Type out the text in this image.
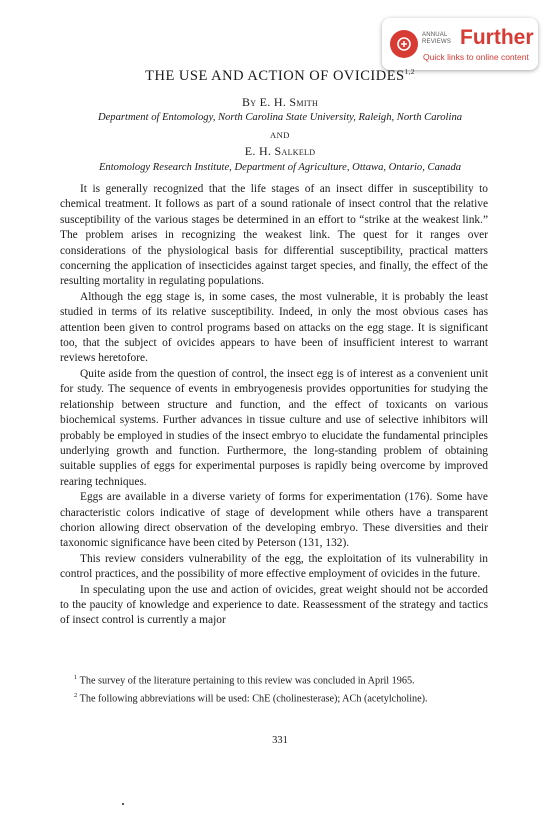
ANNUAL
REVIEWS Further
Quick links to online content
THE USE AND ACTION OF OVICIDES$^{1,2}$
By E. H. Smith
Department of Entomology, North Carolina State University, Raleigh, North Carolina
AND
E. H. Salkeld
Entomology Research Institute, Department of Agriculture, Ottawa, Ontario, Canada

It is generally recognized that the life stages of an insect differ in susceptibility to chemical treatment. It follows as part of a sound rationale of insect control that the relative susceptibility of the various stages be determined in an effort to “strike at the weakest link.” The problem arises in recognizing the weakest link. The quest for it ranges over considerations of the physiological basis for differential susceptibility, practical matters concerning the application of insecticides against target species, and finally, the effect of the resulting mortality in regulating populations.

Although the egg stage is, in some cases, the most vulnerable, it is probably the least studied in terms of its relative susceptibility. Indeed, in only the most obvious cases has attention been given to control programs based on attacks on the egg stage. It is significant too, that the subject of ovicides appears to have been of insufficient interest to warrant reviews heretofore.

Quite aside from the question of control, the insect egg is of interest as a convenient unit for study. The sequence of events in embryogenesis provides opportunities for studying the relationship between structure and function, and the effect of toxicants on various biochemical systems. Further advances in tissue culture and use of selective inhibitors will probably be employed in studies of the insect embryo to elucidate the fundamental principles underlying growth and function. Furthermore, the long-standing problem of obtaining suitable supplies of eggs for experimental purposes is rapidly being overcome by improved rearing techniques.

Eggs are available in a diverse variety of forms for experimentation (176). Some have characteristic colors indicative of stage of development while others have a transparent chorion allowing direct observation of the developing embryo. These diversities and their taxonomic significance have been cited by Peterson (131, 132).

This review considers vulnerability of the egg, the exploitation of its vulnerability in control practices, and the possibility of more effective employment of ovicides in the future.

In speculating upon the use and action of ovicides, great weight should not be accorded to the paucity of knowledge and experience to date. Reassessment of the strategy and tactics of insect control is currently a major

$^1$ The survey of the literature pertaining to this review was concluded in April 1965.

$^2$ The following abbreviations will be used: ChE (cholinesterase); ACh (acetylcholine).

331
